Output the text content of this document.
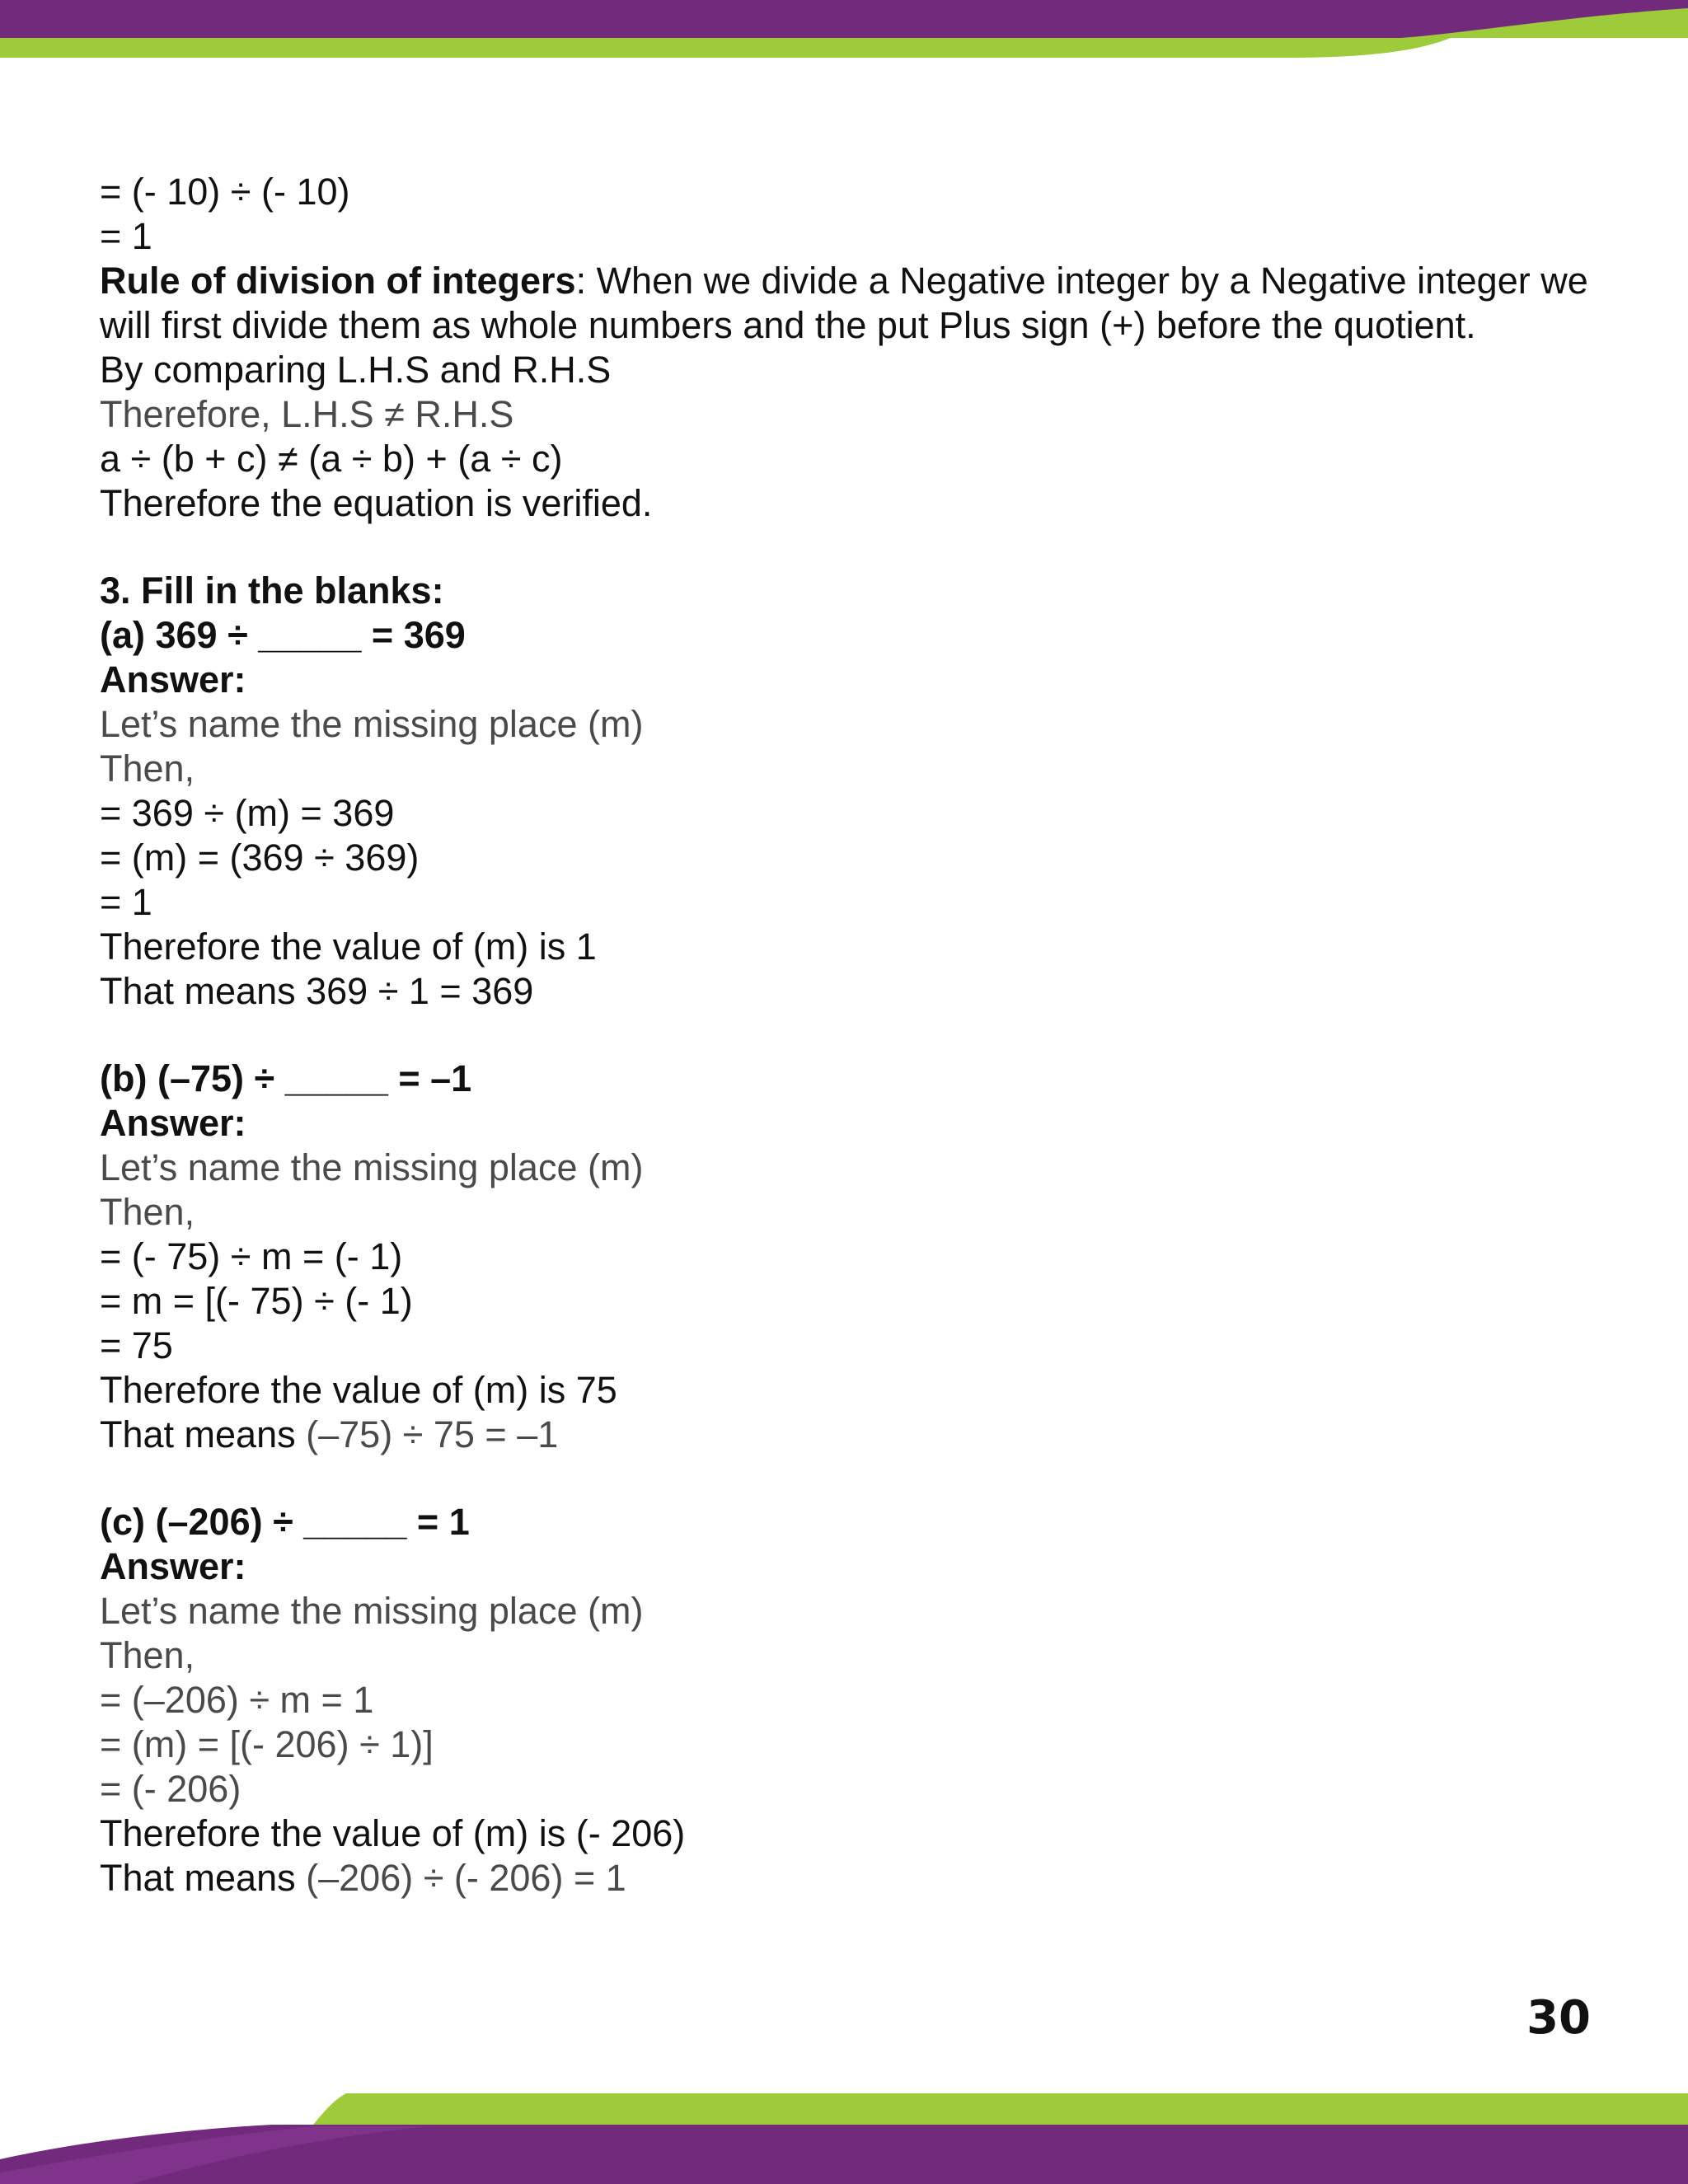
= (- 10) ÷ (- 10)
= 1
Rule of division of integers: When we divide a Negative integer by a Negative integer we will first divide them as whole numbers and the put Plus sign (+) before the quotient.
By comparing L.H.S and R.H.S
Therefore, L.H.S ≠ R.H.S
a ÷ (b + c) ≠ (a ÷ b) + (a ÷ c)
Therefore the equation is verified.
3. Fill in the blanks:
(a) 369 ÷ _____ = 369
Answer:
Let’s name the missing place (m)
Then,
= 369 ÷ (m) = 369
= (m) = (369 ÷ 369)
= 1
Therefore the value of (m) is 1
That means 369 ÷ 1 = 369
(b) (–75) ÷ _____ = –1
Answer:
Let’s name the missing place (m)
Then,
= (- 75) ÷ m = (- 1)
= m = [(- 75) ÷ (- 1)
= 75
Therefore the value of (m) is 75
That means (–75) ÷ 75 = –1
(c) (–206) ÷ _____ = 1
Answer:
Let’s name the missing place (m)
Then,
= (–206) ÷ m = 1
= (m) = [(- 206) ÷ 1)]
= (- 206)
Therefore the value of (m) is (- 206)
That means (–206) ÷ (- 206) = 1
30
